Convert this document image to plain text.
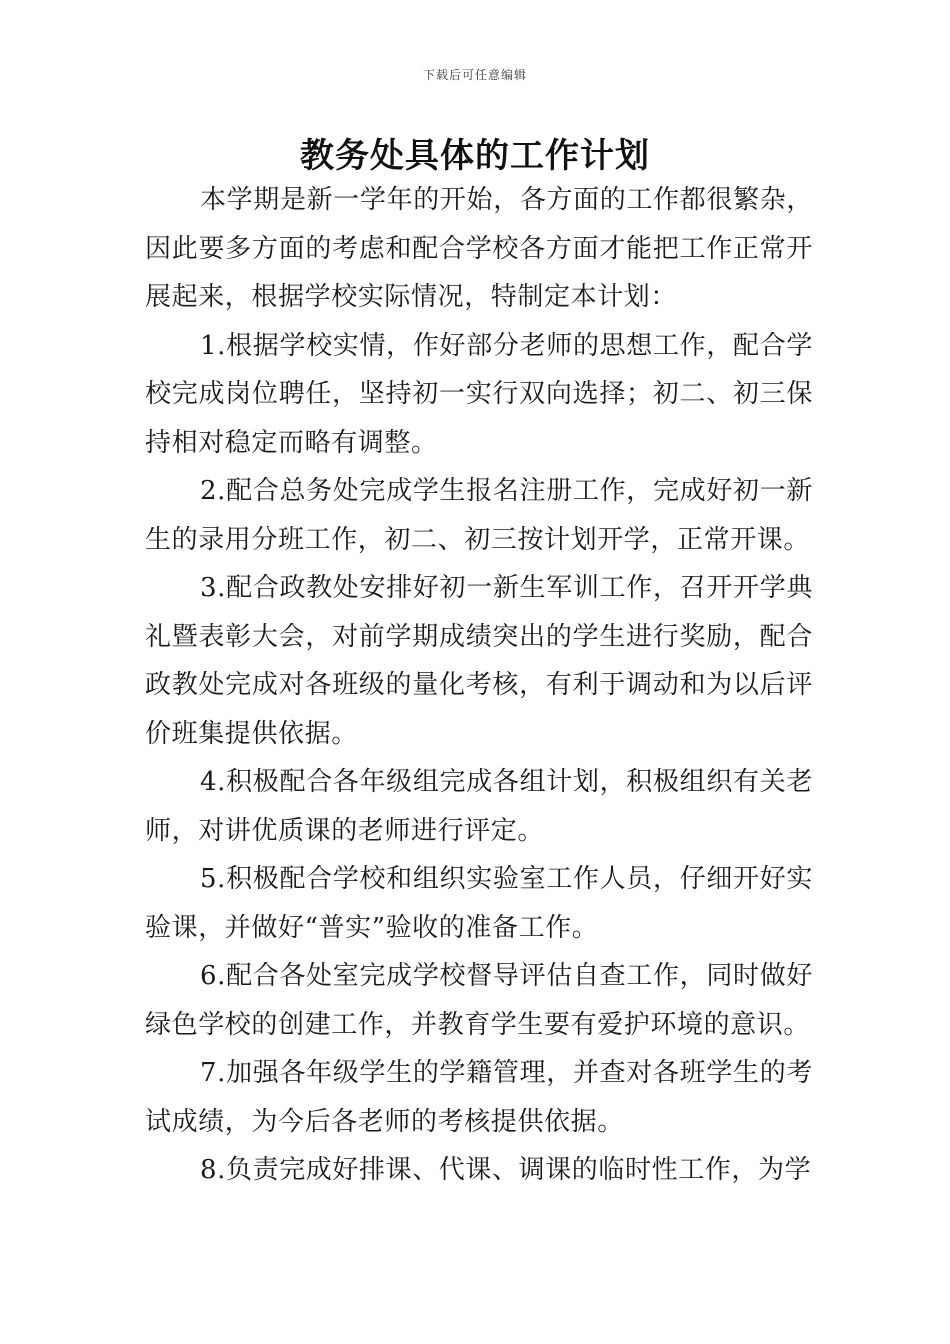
下载后可任意编辑
教务处具体的工作计划

本学期是新一学年的开始，各方面的工作都很繁杂，因此要多方面的考虑和配合学校各方面才能把工作正常开展起来，根据学校实际情况，特制定本计划：

1.根据学校实情，作好部分老师的思想工作，配合学校完成岗位聘任，坚持初一实行双向选择；初二、初三保持相对稳定而略有调整。

2.配合总务处完成学生报名注册工作，完成好初一新生的录用分班工作，初二、初三按计划开学，正常开课。

3.配合政教处安排好初一新生军训工作，召开开学典礼暨表彰大会，对前学期成绩突出的学生进行奖励，配合政教处完成对各班级的量化考核，有利于调动和为以后评价班集提供依据。

4.积极配合各年级组完成各组计划，积极组织有关老师，对讲优质课的老师进行评定。

5.积极配合学校和组织实验室工作人员，仔细开好实验课，并做好“普实”验收的准备工作。

6.配合各处室完成学校督导评估自查工作，同时做好绿色学校的创建工作，并教育学生要有爱护环境的意识。

7.加强各年级学生的学籍管理，并查对各班学生的考试成绩，为今后各老师的考核提供依据。

8.负责完成好排课、代课、调课的临时性工作，为学
